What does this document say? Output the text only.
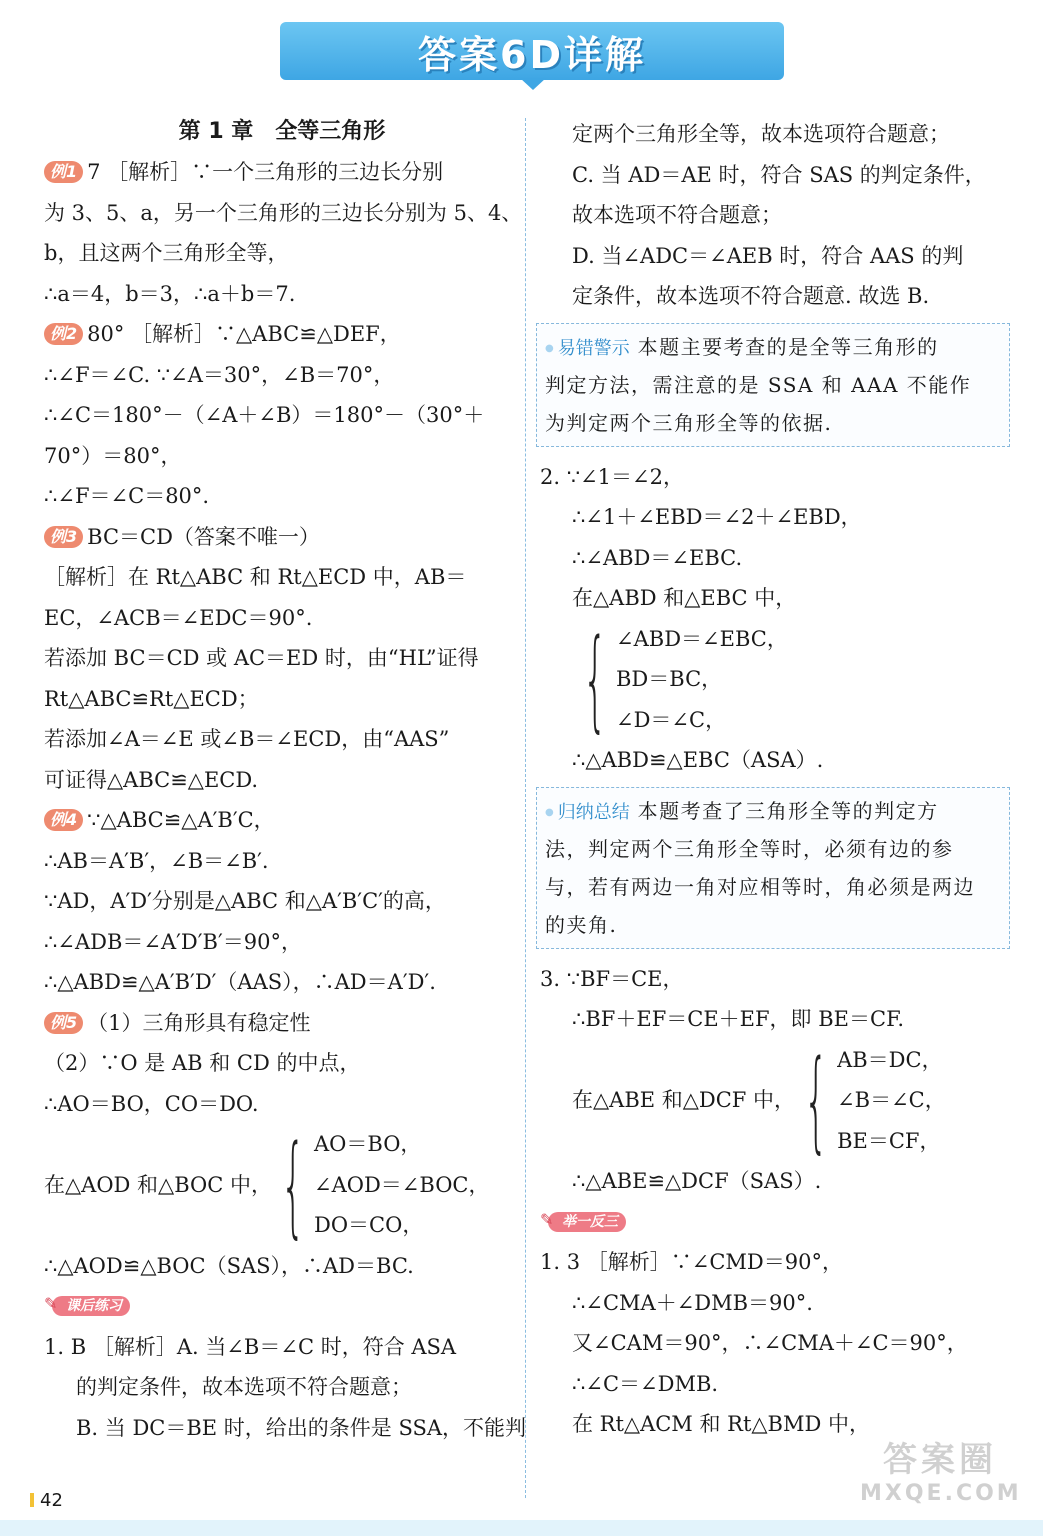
答案6D详解
第 1 章　全等三角形
例1 7 ［解析］∵一个三角形的三边长分别
为 3、5、a，另一个三角形的三边长分别为 5、4、
b，且这两个三角形全等，
∴a＝4，b＝3，∴a＋b＝7.
例2 80° ［解析］∵△ABC≌△DEF，
∴∠F＝∠C. ∵∠A＝30°，∠B＝70°，
∴∠C＝180°－（∠A＋∠B）＝180°－（30°＋
70°）＝80°，
∴∠F＝∠C＝80°.
例3 BC＝CD（答案不唯一）
［解析］在 Rt△ABC 和 Rt△ECD 中，AB＝
EC，∠ACB＝∠EDC＝90°.
若添加 BC＝CD 或 AC＝ED 时，由“HL”证得
Rt△ABC≌Rt△ECD；
若添加∠A＝∠E 或∠B＝∠ECD，由“AAS”
可证得△ABC≌△ECD.
例4 ∵△ABC≌△A′B′C，
∴AB＝A′B′，∠B＝∠B′.
∵AD，A′D′分别是△ABC 和△A′B′C′的高，
∴∠ADB＝∠A′D′B′＝90°，
∴△ABD≌△A′B′D′（AAS），∴AD＝A′D′.
例5 （1）三角形具有稳定性
（2）∵O 是 AB 和 CD 的中点，
∴AO＝BO，CO＝DO.
在△AOD 和△BOC 中， { AO＝BO，
∠AOD＝∠BOC，
DO＝CO，
∴△AOD≌△BOC（SAS），∴AD＝BC.
✎ 课后练习
1. B ［解析］A. 当∠B＝∠C 时，符合 ASA
的判定条件，故本选项不符合题意；
B. 当 DC＝BE 时，给出的条件是 SSA，不能判
定两个三角形全等，故本选项符合题意；
C. 当 AD＝AE 时，符合 SAS 的判定条件，
故本选项不符合题意；
D. 当∠ADC＝∠AEB 时，符合 AAS 的判
定条件，故本选项不符合题意. 故选 B.
● 易错警示 本题主要考查的是全等三角形的
判定方法，需注意的是 SSA 和 AAA 不能作
为判定两个三角形全等的依据.
2. ∵∠1＝∠2，
∴∠1＋∠EBD＝∠2＋∠EBD，
∴∠ABD＝∠EBC.
在△ABD 和△EBC 中，
{ ∠ABD＝∠EBC，
BD＝BC，
∠D＝∠C，
∴△ABD≌△EBC（ASA）.
● 归纳总结 本题考查了三角形全等的判定方
法，判定两个三角形全等时，必须有边的参
与，若有两边一角对应相等时，角必须是两边
的夹角.
3. ∵BF＝CE，
∴BF＋EF＝CE＋EF，即 BE＝CF.
在△ABE 和△DCF 中， { AB＝DC，
∠B＝∠C，
BE＝CF，
∴△ABE≌△DCF（SAS）.
✎ 举一反三
1. 3 ［解析］∵∠CMD＝90°，
∴∠CMA＋∠DMB＝90°.
又∠CAM＝90°，∴∠CMA＋∠C＝90°，
∴∠C＝∠DMB.
在 Rt△ACM 和 Rt△BMD 中，
答案圈
MXQE.COM
42
